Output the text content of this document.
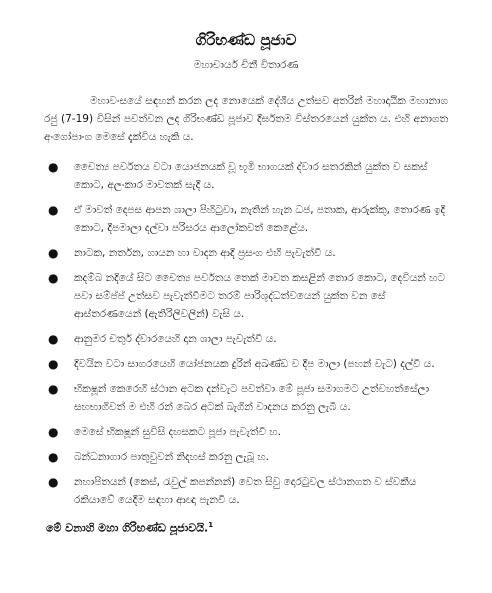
ගිරිභණ්ඩ පූජාව

මහාචාර්ය චිනී විතාරණ

මහාවංසයේ සඳහන් කරන ලද නොයෙක් දේශීය උත්සව අතරින් මහාදාඨික මහානාග රජු (7-19) විසින් පවත්වන ලද ගිරිභණ්ඩ පූජාව දීර්ඝතම විස්තරයෙන් යුක්ත ය. එහි අනාගත අංගෝපාංග මෙසේ දැක්විය හැකි ය.

● චෛත්‍ය පර්වතය වටා යොජනයක් වූ භූමි භාගයක් ද්වාර සතරකින් යුක්ත ව සකස් කොට, අලංකාර මාවතක් සැදී ය.
● ඒ මාවත් දෙපස ආපන ශාලා පිහිටුවා, නැතින් හැන ධජ, පතාක, ආරුක්කු, තොරණ ඉදි කොට, දීපමාලා දල්වා පරිසරය ආලෝකවත් කෙළේය.
● නාටක, නර්තන, ගායන හා වාදන ආදි ප්‍රසංග එහි පැවැත්වී ය.
● කදම්බ නදියේ සිට චෛත්‍ය පර්වතය තෙක් මාවත කසළින් තොර කොට, දෙවියන් හට පවා සම්ප්ප් උත්සව පැවැත්වීමට තරම් පාරිශුද්ධත්වයෙන් යුක්ත වන සේ ආස්තරණයෙන් (ඇතිරිලිවලින්) වැසි ය.
● ආනුමර චතුර් ද්වාරයෙහි දාන ශාලා පැවැත්වී ය.
● දිවයින වටා සාගරයෙහි යෝජනයක දුරින් අඛණ්ඩ ව දීප මාලා (පහන් වැට) දල්වී ය.
● භිකෂූන් කෙරෙහි ස්ථාන අටක දන්වැට පවත්වා මේ පූජා සමාගමට උත්වහත්සේලා සහභාගිවත් ම එහි රන් බෙර අටක් බැගින් වාදනය කරනු ලැබී ය.
● මෙසේ භිකෂූන් සුවිසි දහසකට පූජා පැවැත්වී හ.
● බන්ධනාගාර පාතුවුවන් නිදහස් කරනු ලැබූ හ.
● නහාපිතයන් (කෙස්, රැවුල් කපන්නන්) වෙත සිවු දොරටුවල ස්ථානගත ව ස්වකීය රකියාවේ යෙදීම සඳහා ආඥා පැනවී ය.

මේ වනාහි මහා ගිරිභණ්ඩ පූජාවයි.$^1$
